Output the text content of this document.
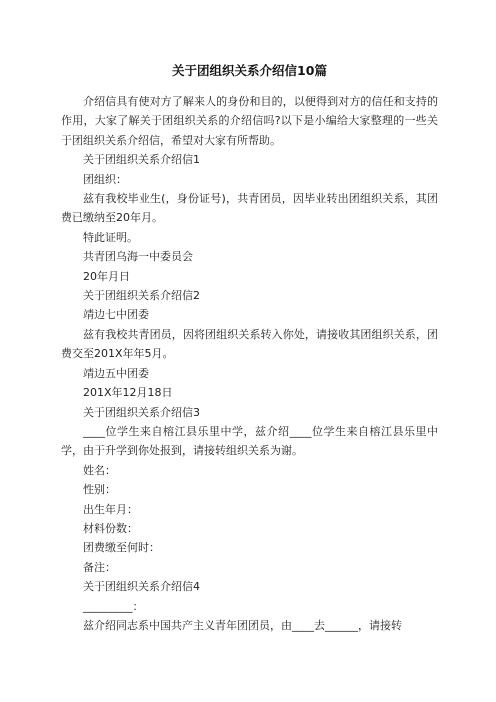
关于团组织关系介绍信10篇

介绍信具有使对方了解来人的身份和目的，以便得到对方的信任和支持的作用，大家了解关于团组织关系的介绍信吗?以下是小编给大家整理的一些关于团组织关系介绍信，希望对大家有所帮助。

关于团组织关系介绍信1

团组织：

兹有我校毕业生(，身份证号)，共青团员，因毕业转出团组织关系，其团费已缴纳至20年月。

特此证明。

共青团乌海一中委员会

20年月日

关于团组织关系介绍信2

靖边七中团委

兹有我校共青团员，因将团组织关系转入你处，请接收其团组织关系，团费交至201X年年5月。

靖边五中团委

201X年12月18日

关于团组织关系介绍信3

____位学生来自榕江县乐里中学，兹介绍____位学生来自榕江县乐里中学，由于升学到你处报到，请接转组织关系为谢。

姓名：

性别：

出生年月：

材料份数：

团费缴至何时：

备注：

关于团组织关系介绍信4

_________：

兹介绍同志系中国共产主义青年团团员，由____去______，请接转
